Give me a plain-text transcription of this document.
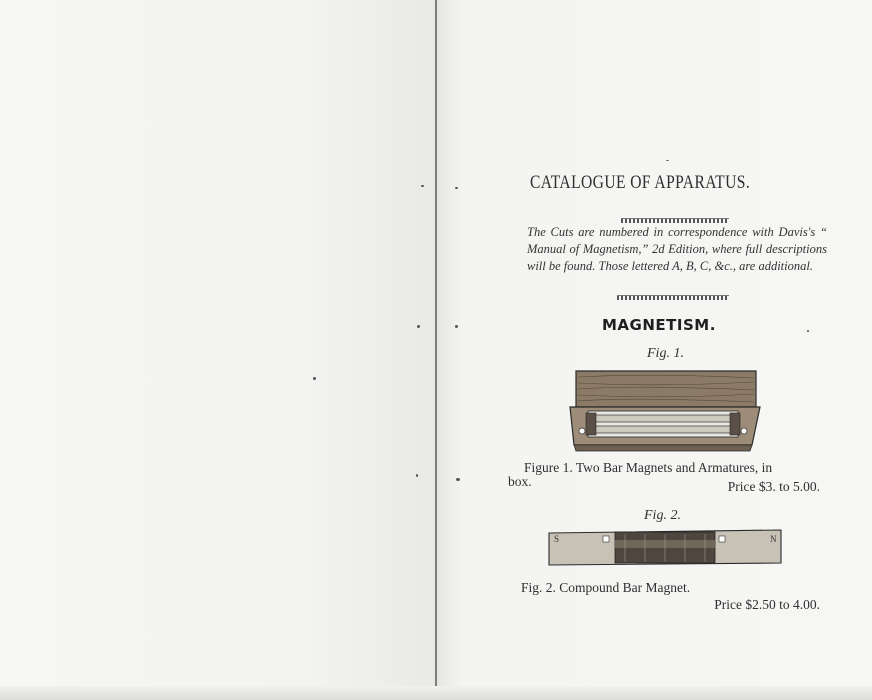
CATALOGUE OF APPARATUS.
The Cuts are numbered in correspondence with Davis's “ Manual of Magnetism,” 2d Edition, where full descriptions will be found. Those lettered A, B, C, &c., are additional.
MAGNETISM.
Fig. 1.
Figure 1. Two Bar Magnets and Armatures, in
box.	Price $3. to 5.00.
Fig. 2.
S	N
Fig. 2. Compound Bar Magnet.
Price $2.50 to 4.00.
